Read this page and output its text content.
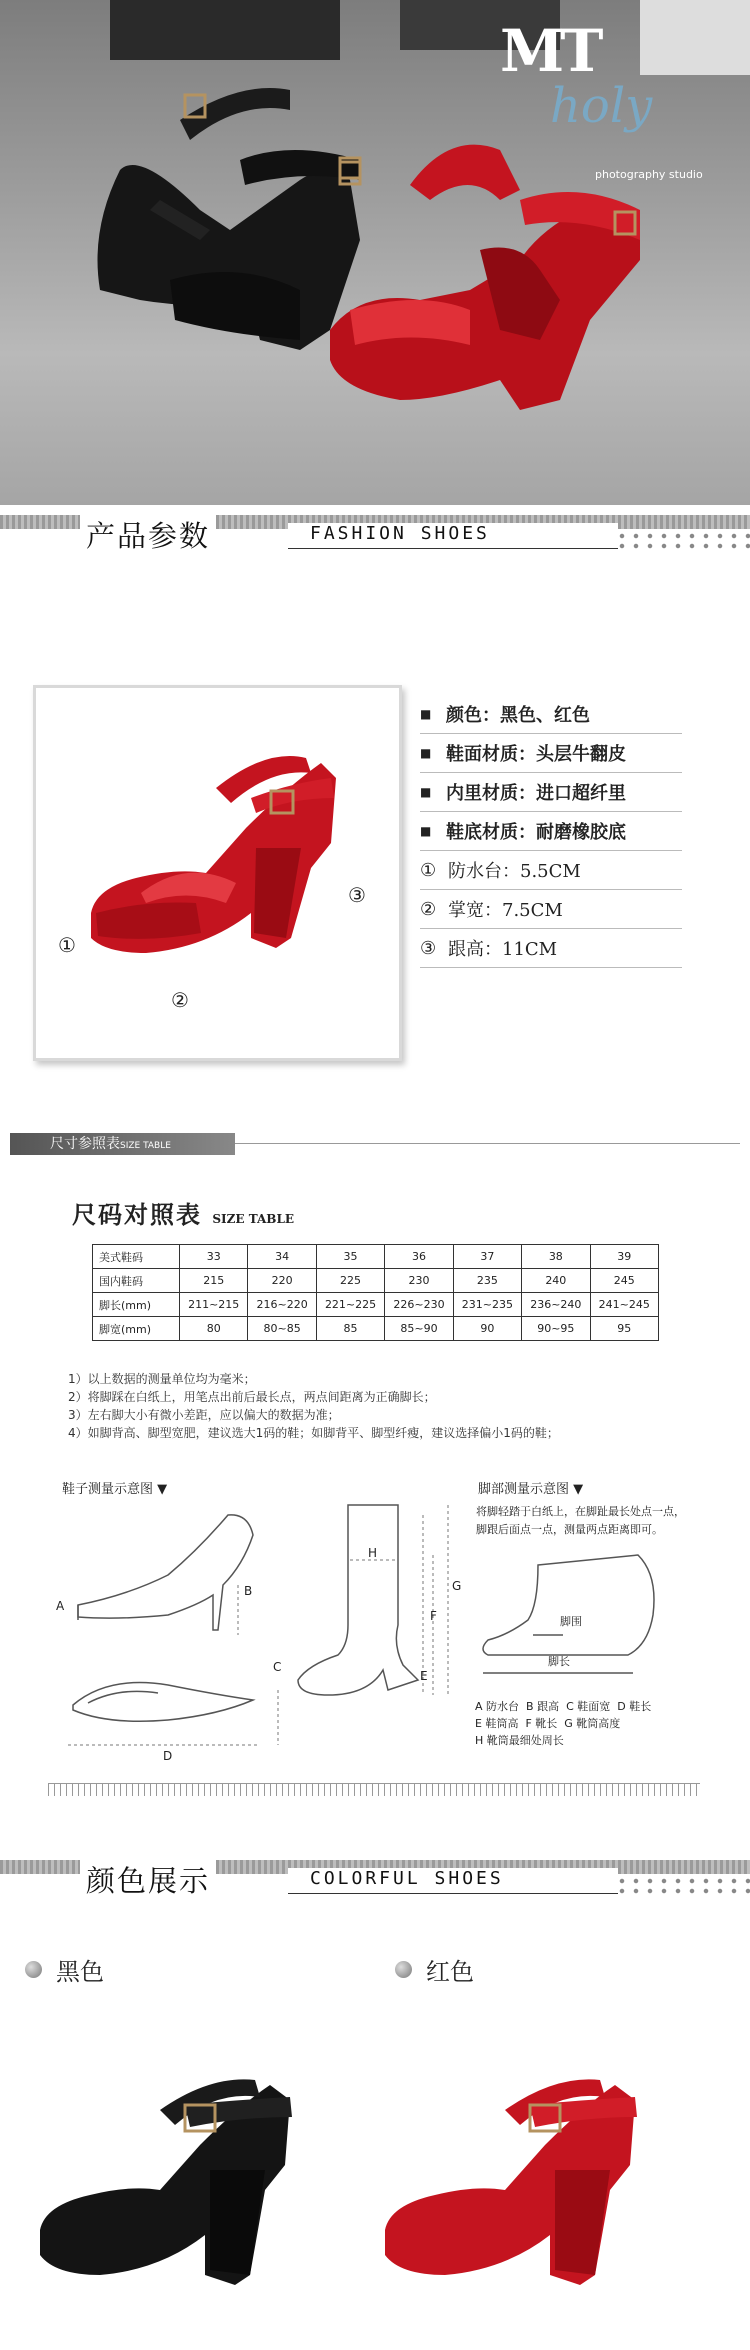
MT
holy
photography studio
产品参数	FASHION SHOES
①
②
③
■ 颜色：黑色、红色
■ 鞋面材质：头层牛翻皮
■ 内里材质：进口超纤里
■ 鞋底材质：耐磨橡胶底
① 防水台：5.5CM
② 掌宽：7.5CM
③ 跟高：11CM
尺寸参照表SIZE TABLE
尺码对照表 SIZE TABLE
美式鞋码	33	34	35	36	37	38	39
国内鞋码	215	220	225	230	235	240	245
脚长(mm)	211~215	216~220	221~225	226~230	231~235	236~240	241~245
脚宽(mm)	80	80~85	85	85~90	90	90~95	95
1）以上数据的测量单位均为毫米；
2）将脚踩在白纸上，用笔点出前后最长点，两点间距离为正确脚长；
3）左右脚大小有微小差距，应以偏大的数据为准；
4）如脚背高、脚型宽肥，建议选大1码的鞋；如脚背平、脚型纤瘦，建议选择偏小1码的鞋；
鞋子测量示意图 ▼	脚部测量示意图 ▼
A
B
C
D
E
F
G
H
脚围
脚长
将脚轻踏于白纸上，在脚趾最长处点一点，
脚跟后面点一点，测量两点距离即可。
A 防水台 B 跟高 C 鞋面宽 D 鞋长
E 鞋筒高 F 靴长 G 靴筒高度
H 靴筒最细处周长
颜色展示	COLORFUL SHOES
黑色	红色
